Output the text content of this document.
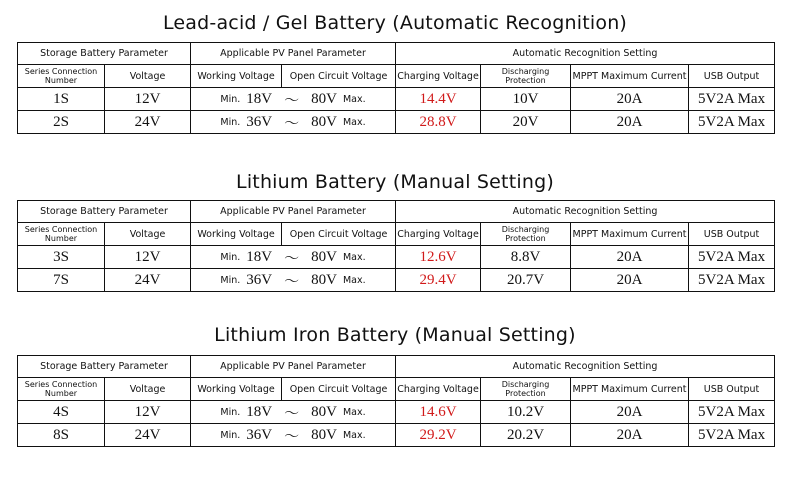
Lead-acid / Gel Battery (Automatic Recognition)
Storage Battery Parameter		Applicable PV Panel Parameter		Automatic Recognition Setting			
Series Connection Number	Voltage	Working Voltage	Open Circuit Voltage	Charging Voltage	Discharging Protection	MPPT Maximum Current	USB Output
1S	12V	Min. 18V ～ 80V Max.		14.4V	10V	20A	5V2A Max
2S	24V	Min. 36V ～ 80V Max.		28.8V	20V	20A	5V2A Max
Lithium Battery (Manual Setting)
Storage Battery Parameter		Applicable PV Panel Parameter		Automatic Recognition Setting			
Series Connection Number	Voltage	Working Voltage	Open Circuit Voltage	Charging Voltage	Discharging Protection	MPPT Maximum Current	USB Output
3S	12V	Min. 18V ～ 80V Max.		12.6V	8.8V	20A	5V2A Max
7S	24V	Min. 36V ～ 80V Max.		29.4V	20.7V	20A	5V2A Max
Lithium Iron Battery (Manual Setting)
Storage Battery Parameter		Applicable PV Panel Parameter		Automatic Recognition Setting			
Series Connection Number	Voltage	Working Voltage	Open Circuit Voltage	Charging Voltage	Discharging Protection	MPPT Maximum Current	USB Output
4S	12V	Min. 18V ～ 80V Max.		14.6V	10.2V	20A	5V2A Max
8S	24V	Min. 36V ～ 80V Max.		29.2V	20.2V	20A	5V2A Max
